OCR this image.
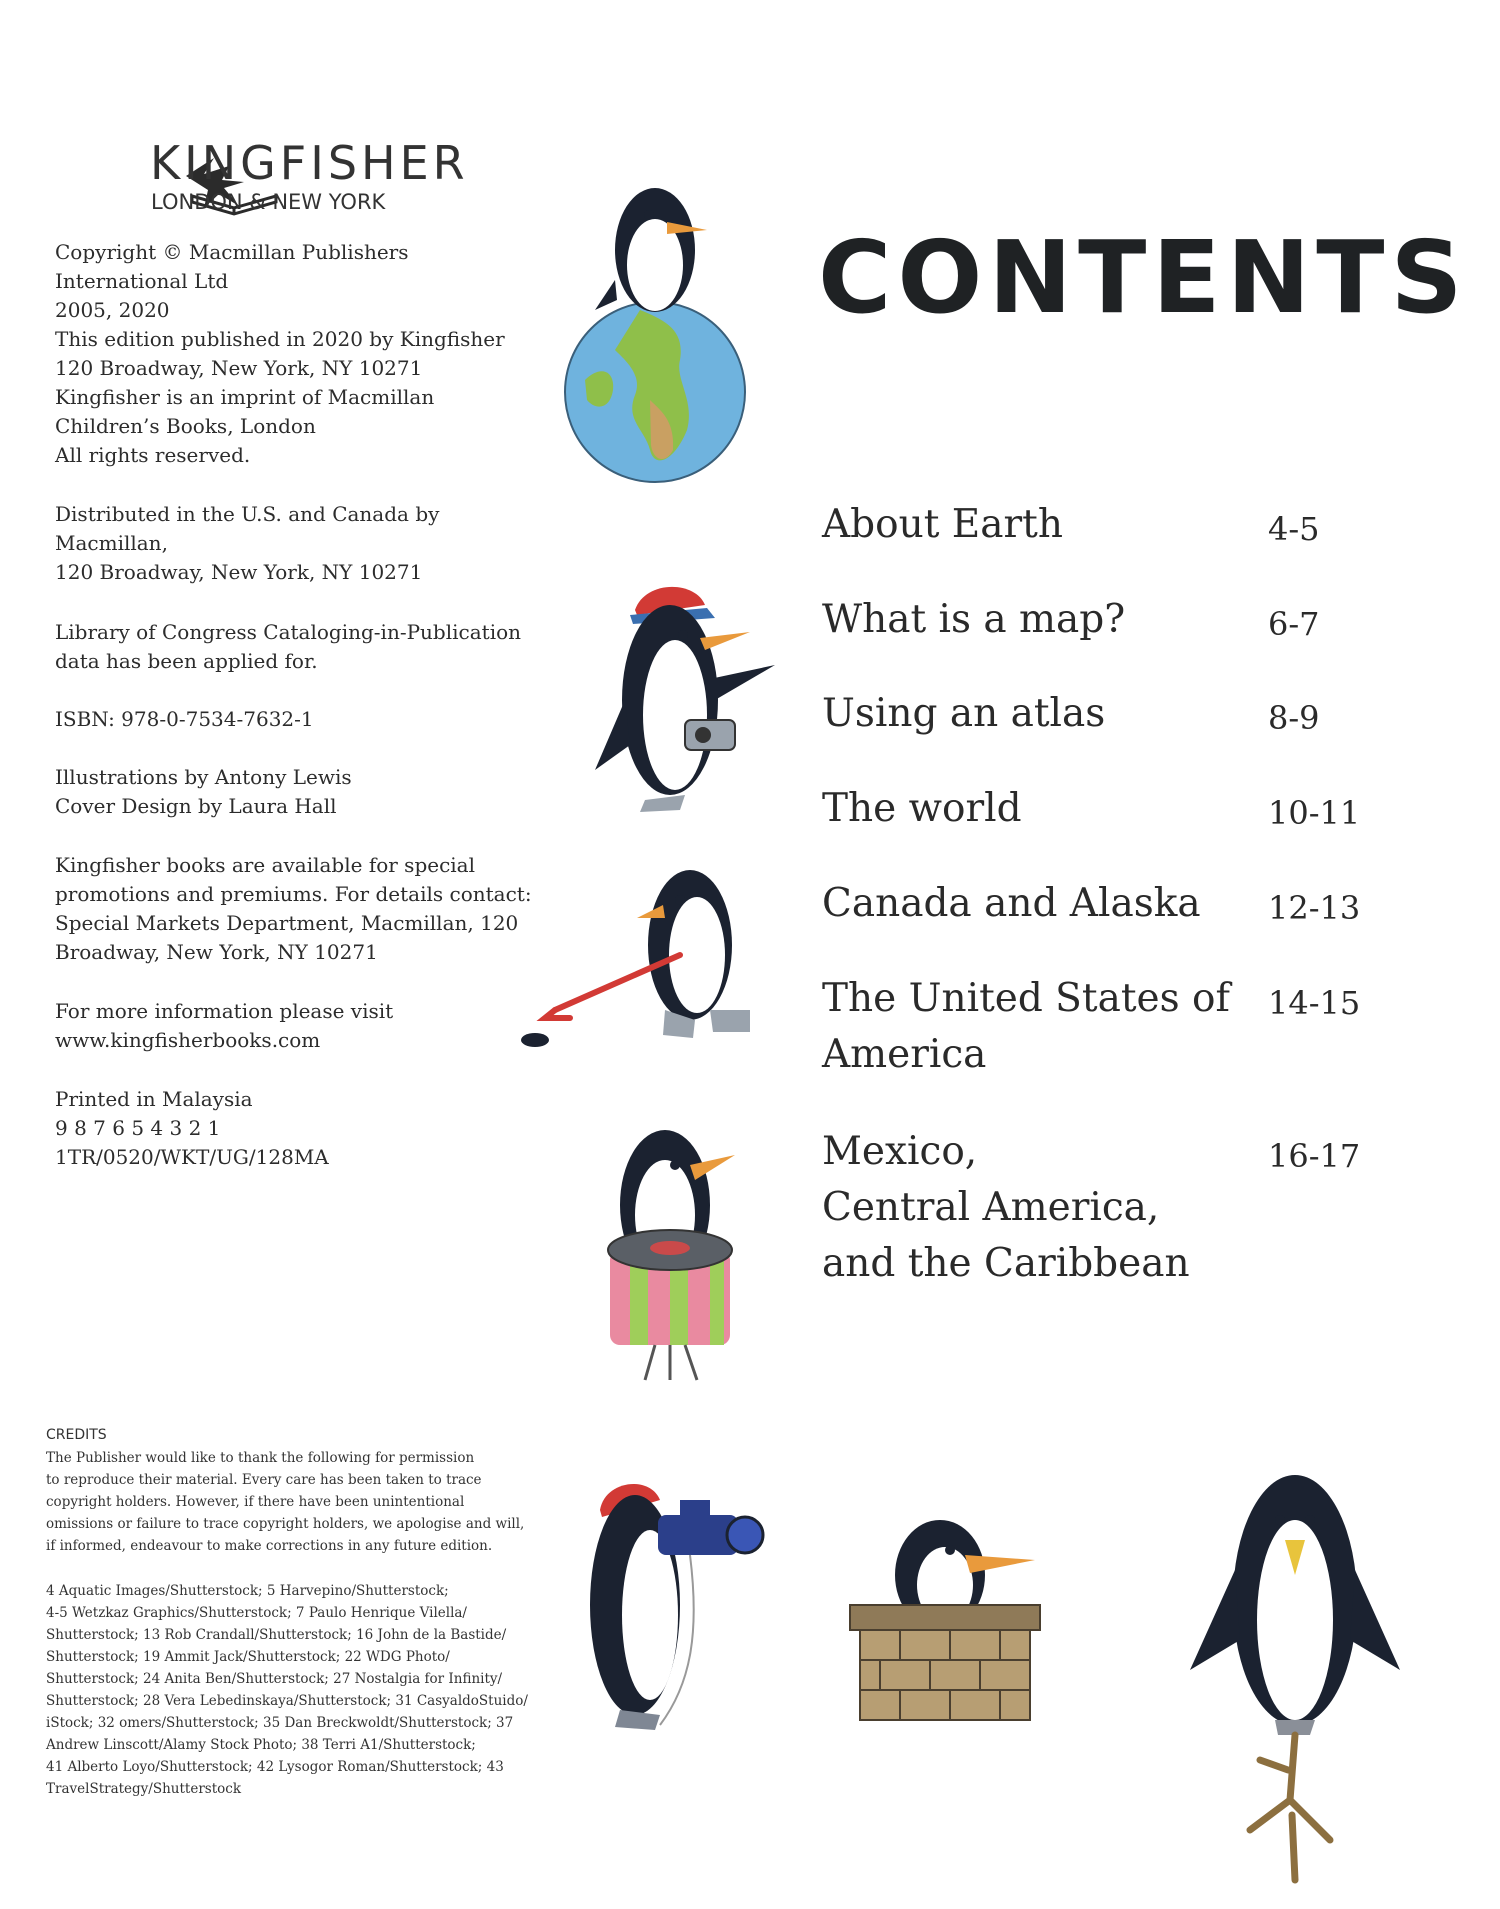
KINGFISHER
LONDON & NEW YORK
Copyright © Macmillan Publishers
International Ltd
2005, 2020
This edition published in 2020 by Kingfisher
120 Broadway, New York, NY 10271
Kingfisher is an imprint of Macmillan
Children’s Books, London
All rights reserved.
Distributed in the U.S. and Canada by
Macmillan,
120 Broadway, New York, NY 10271
Library of Congress Cataloging-in-Publication
data has been applied for.
ISBN: 978-0-7534-7632-1
Illustrations by Antony Lewis
Cover Design by Laura Hall
Kingfisher books are available for special
promotions and premiums. For details contact:
Special Markets Department, Macmillan, 120
Broadway, New York, NY 10271
For more information please visit
www.kingfisherbooks.com
Printed in Malaysia
9 8 7 6 5 4 3 2 1
1TR/0520/WKT/UG/128MA
CREDITS
The Publisher would like to thank the following for permission
to reproduce their material. Every care has been taken to trace
copyright holders. However, if there have been unintentional
omissions or failure to trace copyright holders, we apologise and will,
if informed, endeavour to make corrections in any future edition.
4 Aquatic Images/Shutterstock; 5 Harvepino/Shutterstock;
4-5 Wetzkaz Graphics/Shutterstock; 7 Paulo Henrique Vilella/
Shutterstock; 13 Rob Crandall/Shutterstock; 16 John de la Bastide/
Shutterstock; 19 Ammit Jack/Shutterstock; 22 WDG Photo/
Shutterstock; 24 Anita Ben/Shutterstock; 27 Nostalgia for Infinity/
Shutterstock; 28 Vera Lebedinskaya/Shutterstock; 31 CasyaldoStuido/
iStock; 32 omers/Shutterstock; 35 Dan Breckwoldt/Shutterstock; 37
Andrew Linscott/Alamy Stock Photo; 38 Terri A1/Shutterstock;
41 Alberto Loyo/Shutterstock; 42 Lysogor Roman/Shutterstock; 43
TravelStrategy/Shutterstock
CONTENTS
About Earth	4-5
What is a map?	6-7
Using an atlas	8-9
The world	10-11
Canada and Alaska	12-13
The United States of
America
14-15
Mexico,
Central America,
and the Caribbean
16-17
